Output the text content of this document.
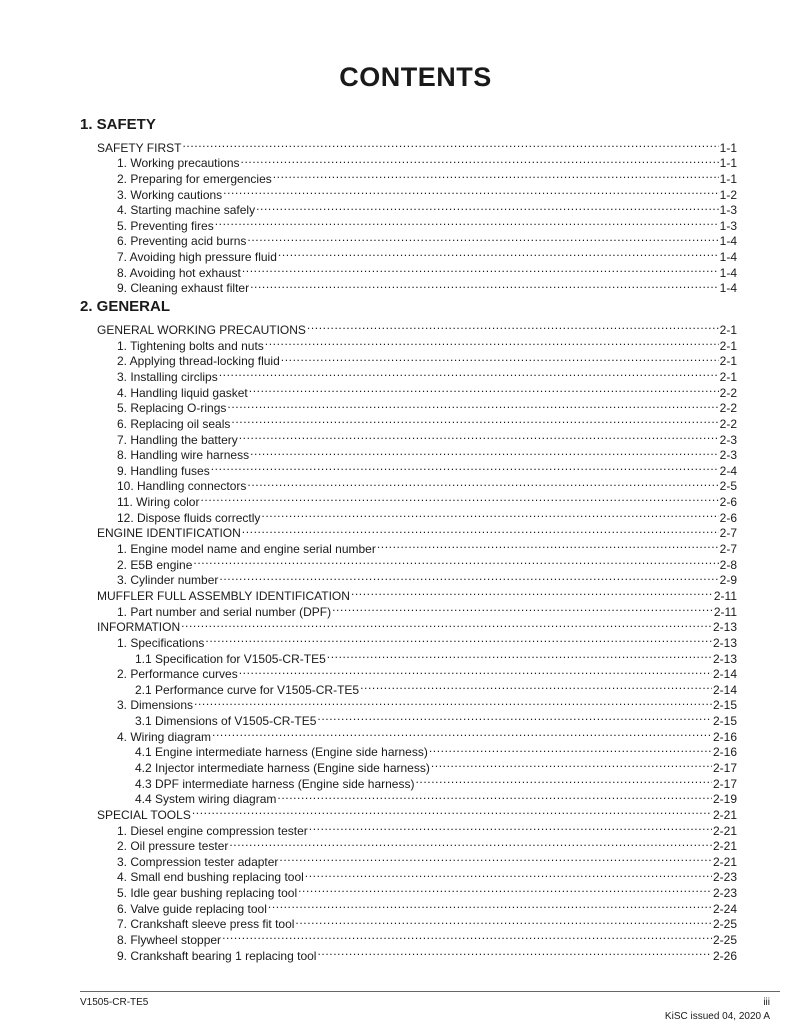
CONTENTS
1. SAFETY
SAFETY FIRST .....	1-1
1. Working precautions .....	1-1
2. Preparing for emergencies .....	1-1
3. Working cautions .....	1-2
4. Starting machine safely .....	1-3
5. Preventing fires .....	1-3
6. Preventing acid burns .....	1-4
7. Avoiding high pressure fluid .....	1-4
8. Avoiding hot exhaust .....	1-4
9. Cleaning exhaust filter .....	1-4
2. GENERAL
GENERAL WORKING PRECAUTIONS .....	2-1
1. Tightening bolts and nuts .....	2-1
2. Applying thread-locking fluid .....	2-1
3. Installing circlips .....	2-1
4. Handling liquid gasket .....	2-2
5. Replacing O-rings .....	2-2
6. Replacing oil seals .....	2-2
7. Handling the battery .....	2-3
8. Handling wire harness .....	2-3
9. Handling fuses .....	2-4
10. Handling connectors .....	2-5
11. Wiring color .....	2-6
12. Dispose fluids correctly .....	2-6
ENGINE IDENTIFICATION .....	2-7
1. Engine model name and engine serial number .....	2-7
2. E5B engine .....	2-8
3. Cylinder number .....	2-9
MUFFLER FULL ASSEMBLY IDENTIFICATION .....	2-11
1. Part number and serial number (DPF) .....	2-11
INFORMATION .....	2-13
1. Specifications .....	2-13
1.1 Specification for V1505-CR-TE5 .....	2-13
2. Performance curves .....	2-14
2.1 Performance curve for V1505-CR-TE5 .....	2-14
3. Dimensions .....	2-15
3.1 Dimensions of V1505-CR-TE5 .....	2-15
4. Wiring diagram .....	2-16
4.1 Engine intermediate harness (Engine side harness) .....	2-16
4.2 Injector intermediate harness (Engine side harness) .....	2-17
4.3 DPF intermediate harness (Engine side harness) .....	2-17
4.4 System wiring diagram .....	2-19
SPECIAL TOOLS .....	2-21
1. Diesel engine compression tester .....	2-21
2. Oil pressure tester .....	2-21
3. Compression tester adapter .....	2-21
4. Small end bushing replacing tool .....	2-23
5. Idle gear bushing replacing tool .....	2-23
6. Valve guide replacing tool .....	2-24
7. Crankshaft sleeve press fit tool .....	2-25
8. Flywheel stopper .....	2-25
9. Crankshaft bearing 1 replacing tool .....	2-26
V1505-CR-TE5	iii
KiSC issued 04, 2020 A
